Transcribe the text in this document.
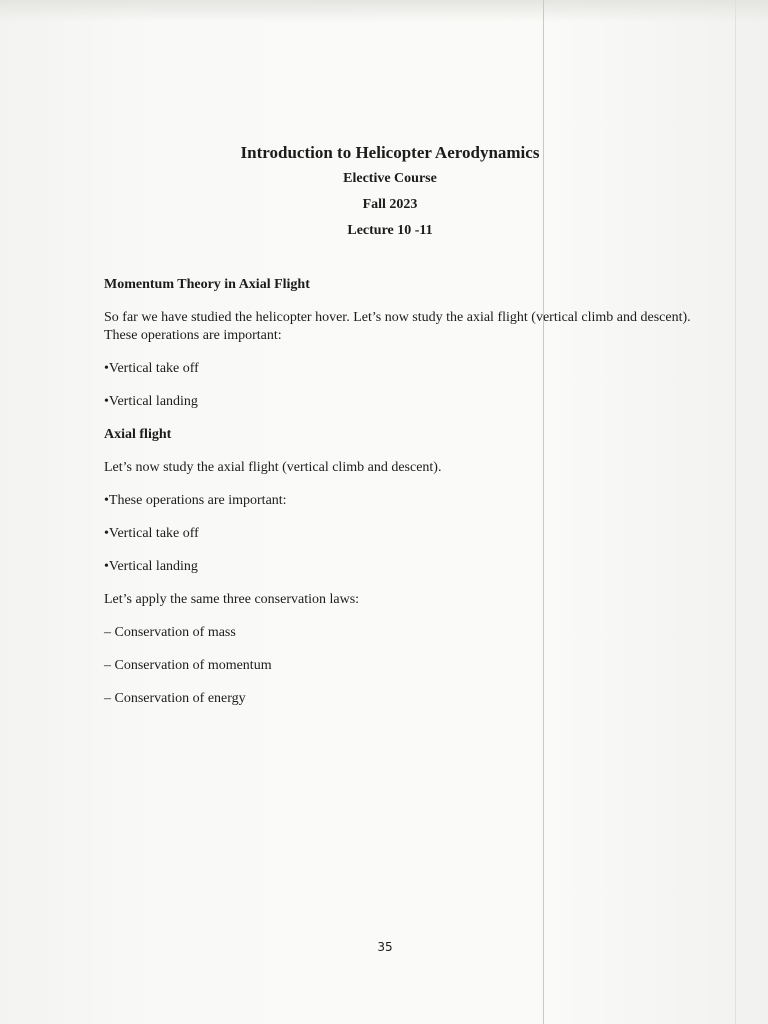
Introduction to Helicopter Aerodynamics

Elective Course

Fall 2023

Lecture 10 -11

Momentum Theory in Axial Flight

So far we have studied the helicopter hover. Let’s now study the axial flight (vertical climb and descent). These operations are important:

•Vertical take off

•Vertical landing

Axial flight

Let’s now study the axial flight (vertical climb and descent).

•These operations are important:

•Vertical take off

•Vertical landing

Let’s apply the same three conservation laws:

– Conservation of mass

– Conservation of momentum

– Conservation of energy

35
